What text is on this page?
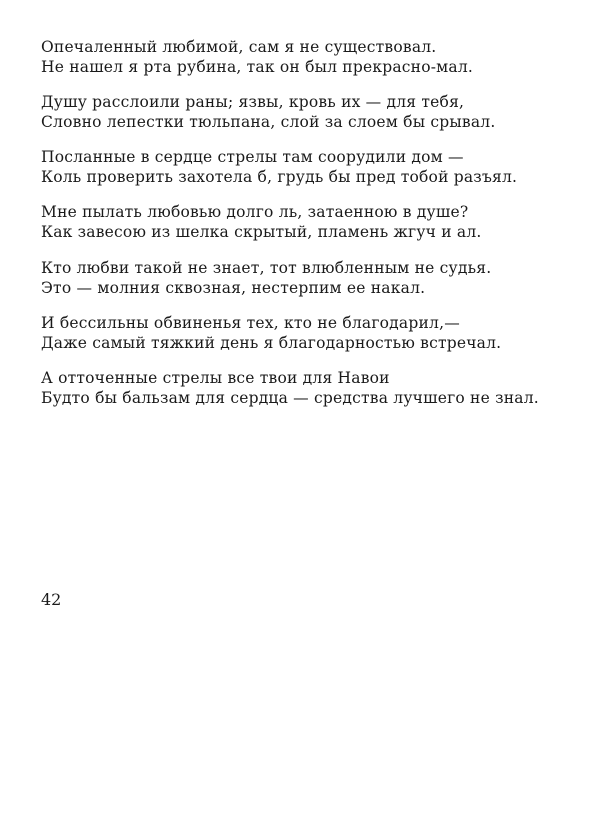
Опечаленный любимой, сам я не существовал.
Не нашел я рта рубина, так он был прекрасно-мал.
Душу расслоили раны; язвы, кровь их — для тебя,
Словно лепестки тюльпана, слой за слоем бы срывал.
Посланные в сердце стрелы там соорудили дом —
Коль проверить захотела б, грудь бы пред тобой разъял.
Мне пылать любовью долго ль, затаенною в душе?
Как завесою из шелка скрытый, пламень жгуч и ал.
Кто любви такой не знает, тот влюбленным не судья.
Это — молния сквозная, нестерпим ее накал.
И бессильны обвиненья тех, кто не благодарил,—
Даже самый тяжкий день я благодарностью встречал.
А отточенные стрелы все твои для Навои
Будто бы бальзам для сердца — средства лучшего не знал.
42
